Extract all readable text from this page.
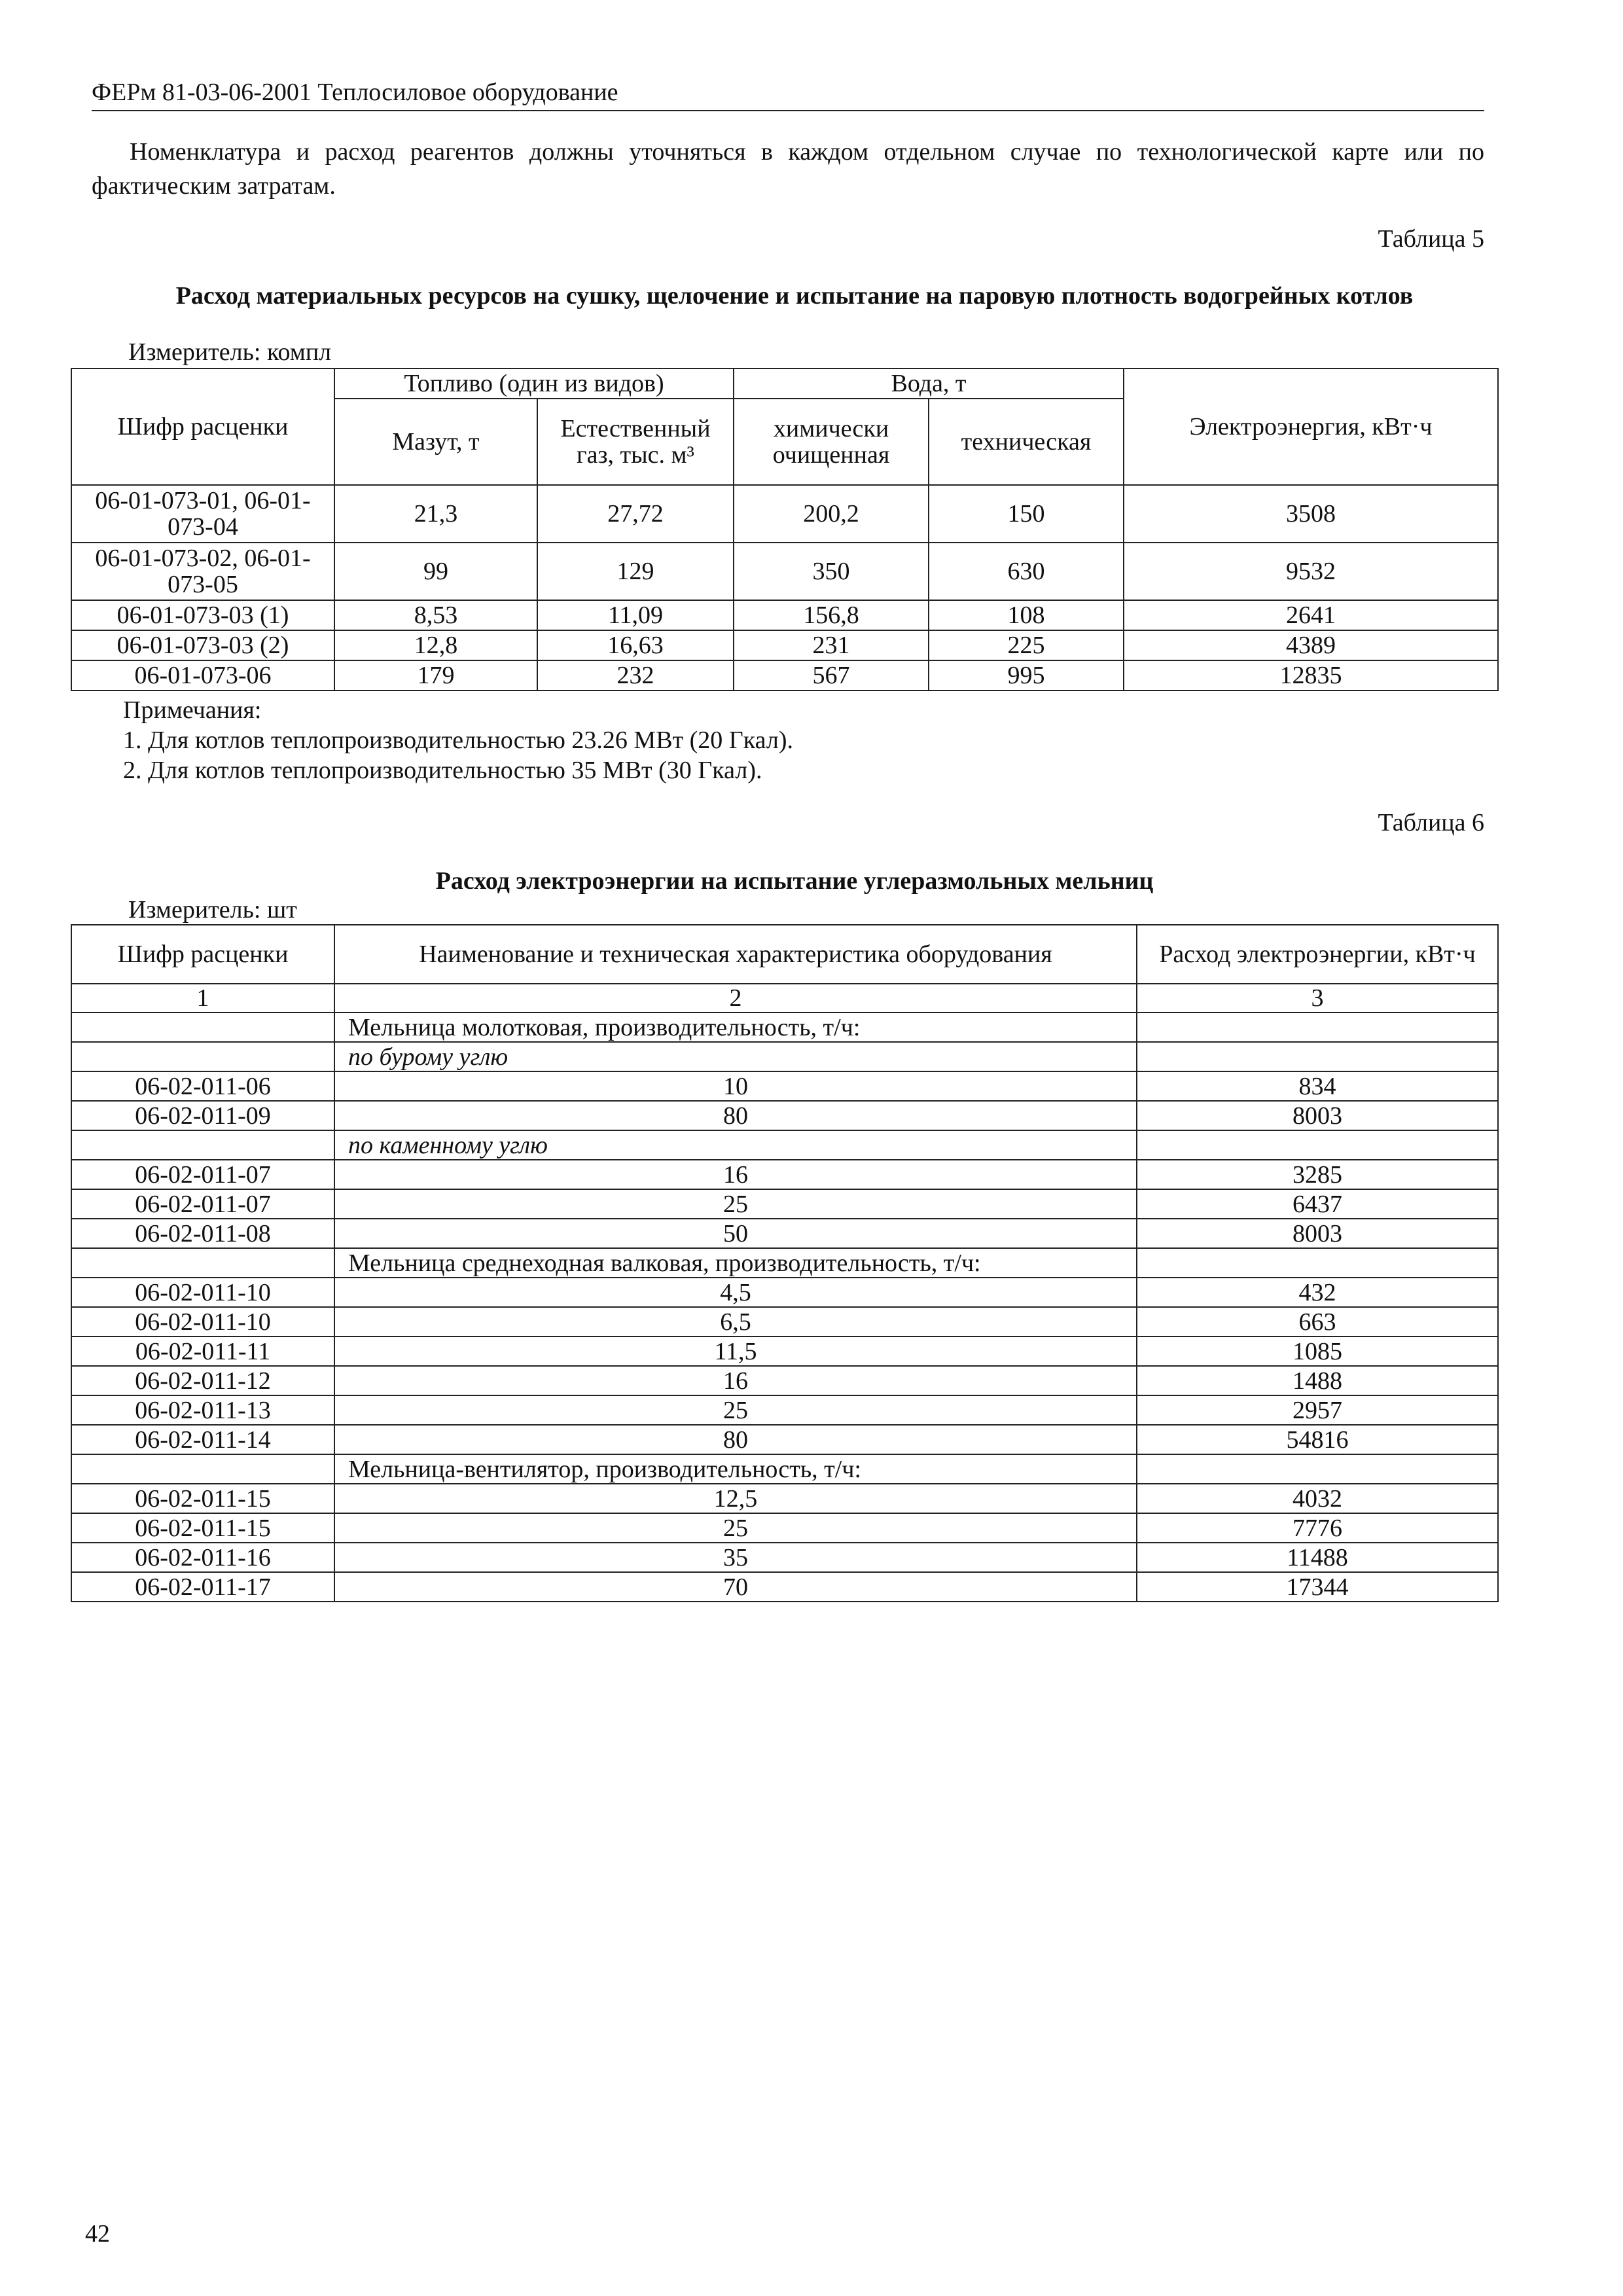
ФЕРм 81-03-06-2001 Теплосиловое оборудование
Номенклатура и расход реагентов должны уточняться в каждом отдельном случае по технологической карте или по фактическим затратам.
Таблица 5
Расход материальных ресурсов на сушку, щелочение и испытание на паровую плотность водогрейных котлов
Измеритель: компл
Шифр расценки	Топливо (один из видов)		Вода, т		Электроэнергия, кВт·ч
	Мазут, т	Естественный газ, тыс. м³	химически очищенная	техническая	
06-01-073-01, 06-01-073-04	21,3	27,72	200,2	150	3508
06-01-073-02, 06-01-073-05	99	129	350	630	9532
06-01-073-03 (1)	8,53	11,09	156,8	108	2641
06-01-073-03 (2)	12,8	16,63	231	225	4389
06-01-073-06	179	232	567	995	12835
Примечания:
1. Для котлов теплопроизводительностью 23.26 МВт (20 Гкал).
2. Для котлов теплопроизводительностью 35 МВт (30 Гкал).
Таблица 6
Расход электроэнергии на испытание углеразмольных мельниц
Измеритель: шт
Шифр расценки	Наименование и техническая характеристика оборудования	Расход электроэнергии, кВт·ч
1	2	3
	Мельница молотковая, производительность, т/ч:	
	по бурому углю	
06-02-011-06	10	834
06-02-011-09	80	8003
	по каменному углю	
06-02-011-07	16	3285
06-02-011-07	25	6437
06-02-011-08	50	8003
	Мельница среднеходная валковая, производительность, т/ч:	
06-02-011-10	4,5	432
06-02-011-10	6,5	663
06-02-011-11	11,5	1085
06-02-011-12	16	1488
06-02-011-13	25	2957
06-02-011-14	80	54816
	Мельница-вентилятор, производительность, т/ч:	
06-02-011-15	12,5	4032
06-02-011-15	25	7776
06-02-011-16	35	11488
06-02-011-17	70	17344
42
